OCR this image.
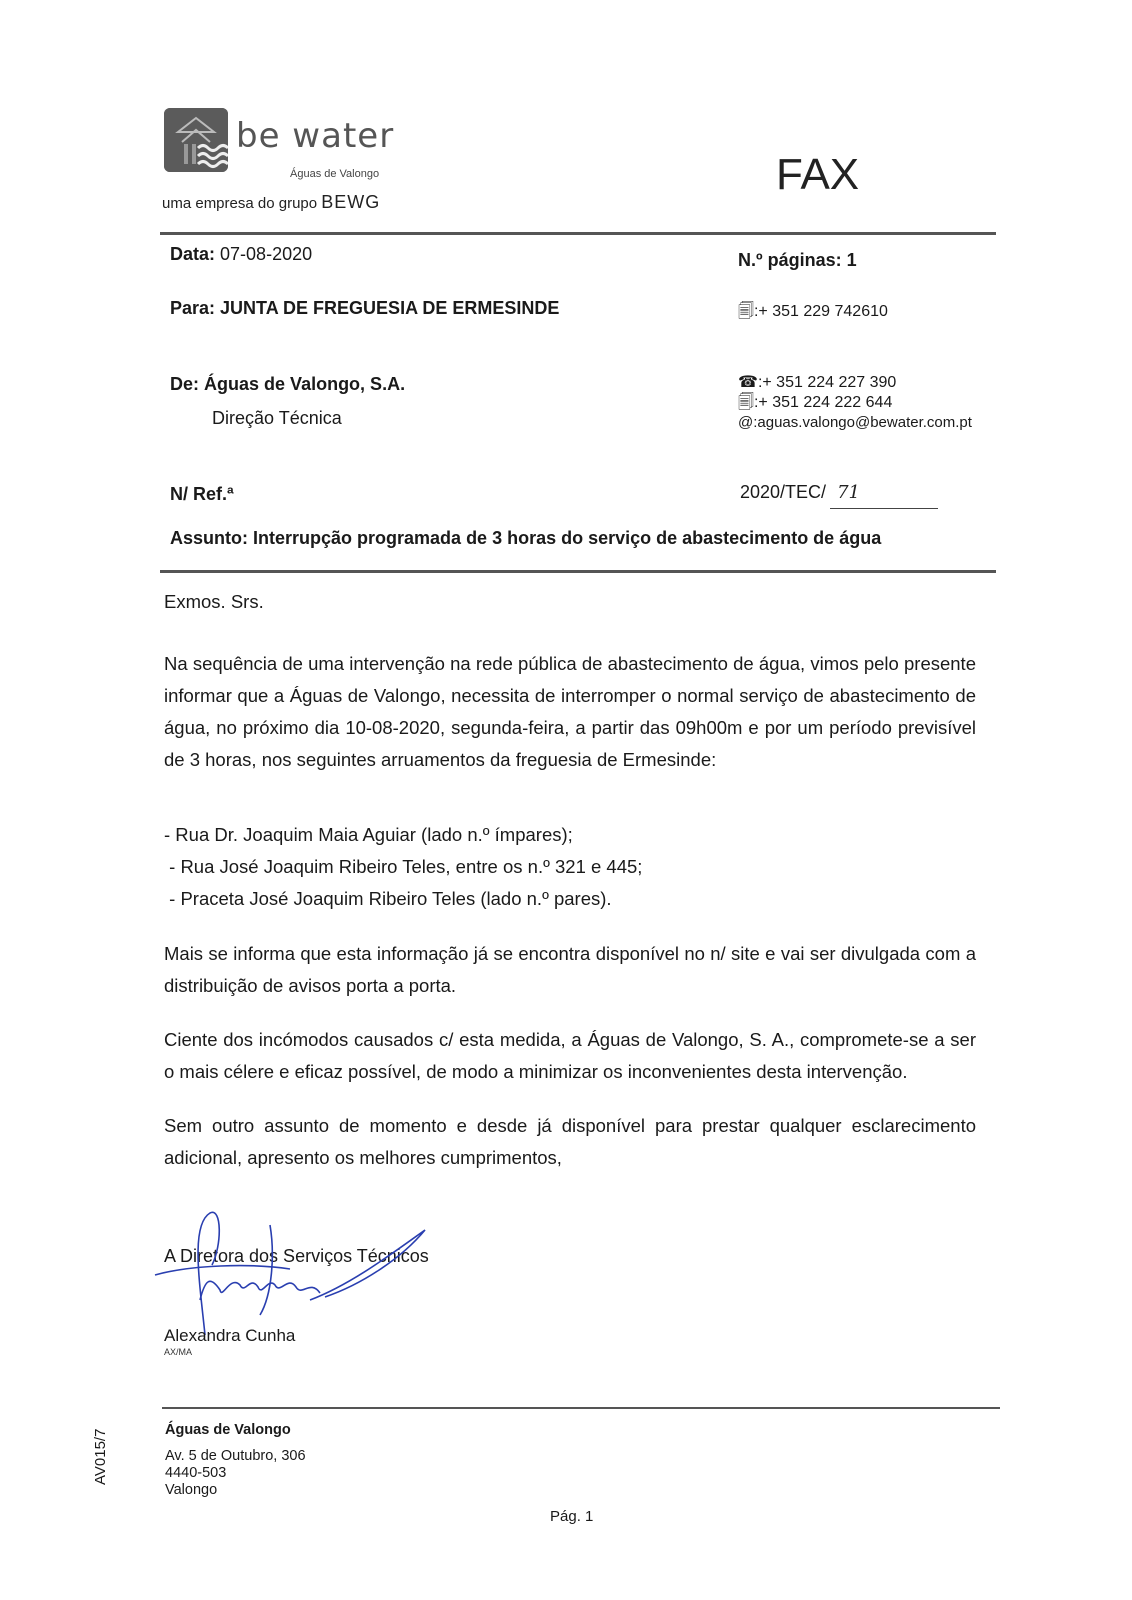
be water
Águas de Valongo
uma empresa do grupo BEWG
FAX
Data: 07-08-2020	N.º páginas: 1
Para: JUNTA DE FREGUESIA DE ERMESINDE	🗐:+ 351 229 742610
De: Águas de Valongo, S.A.
Direção Técnica
☎:+ 351 224 227 390
🗐:+ 351 224 222 644
@:aguas.valongo@bewater.com.pt
N/ Ref.ª	2020/TEC/ 71
Assunto: Interrupção programada de 3 horas do serviço de abastecimento de água
Exmos. Srs.
Na sequência de uma intervenção na rede pública de abastecimento de água, vimos pelo presente informar que a Águas de Valongo, necessita de interromper o normal serviço de abastecimento de água, no próximo dia 10-08-2020, segunda-feira, a partir das 09h00m e por um período previsível de 3 horas, nos seguintes arruamentos da freguesia de Ermesinde:
- Rua Dr. Joaquim Maia Aguiar (lado n.º ímpares);
- Rua José Joaquim Ribeiro Teles, entre os n.º 321 e 445;
- Praceta José Joaquim Ribeiro Teles (lado n.º pares).
Mais se informa que esta informação já se encontra disponível no n/ site e vai ser divulgada com a distribuição de avisos porta a porta.
Ciente dos incómodos causados c/ esta medida, a Águas de Valongo, S. A., compromete-se a ser o mais célere e eficaz possível, de modo a minimizar os inconvenientes desta intervenção.
Sem outro assunto de momento e desde já disponível para prestar qualquer esclarecimento adicional, apresento os melhores cumprimentos,
A Diretora dos Serviços Técnicos
Alexandra Cunha
AX/MA
Águas de Valongo
Av. 5 de Outubro, 306
4440-503
Valongo
AV015/7
Pág. 1
